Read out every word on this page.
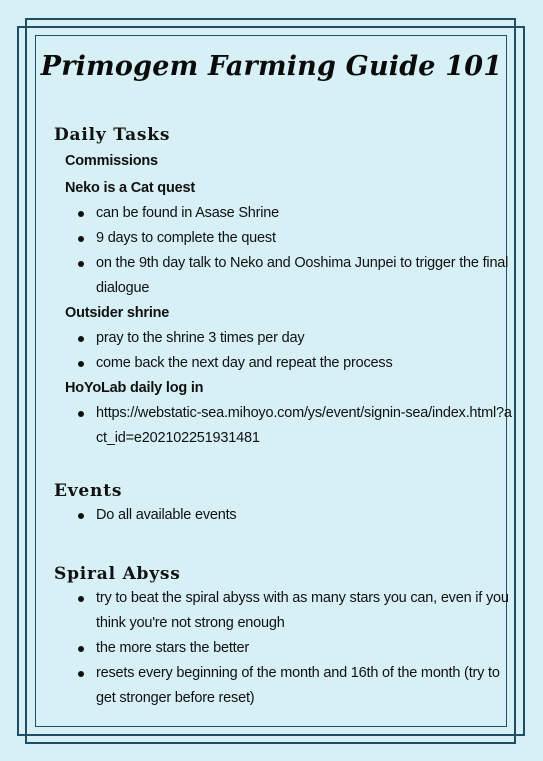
Primogem Farming Guide 101
Daily Tasks
Commissions
Neko is a Cat quest
can be found in Asase Shrine
9 days to complete the quest
on the 9th day talk to Neko and Ooshima Junpei to trigger the final dialogue
Outsider shrine
pray to the shrine 3 times per day
come back the next day and repeat the process
HoYoLab daily log in
https://webstatic-sea.mihoyo.com/ys/event/signin-sea/index.html?act_id=e202102251931481
Events
Do all available events
Spiral Abyss
try to beat the spiral abyss with as many stars you can, even if you think you're not strong enough
the more stars the better
resets every beginning of the month and 16th of the month (try to get stronger before reset)
